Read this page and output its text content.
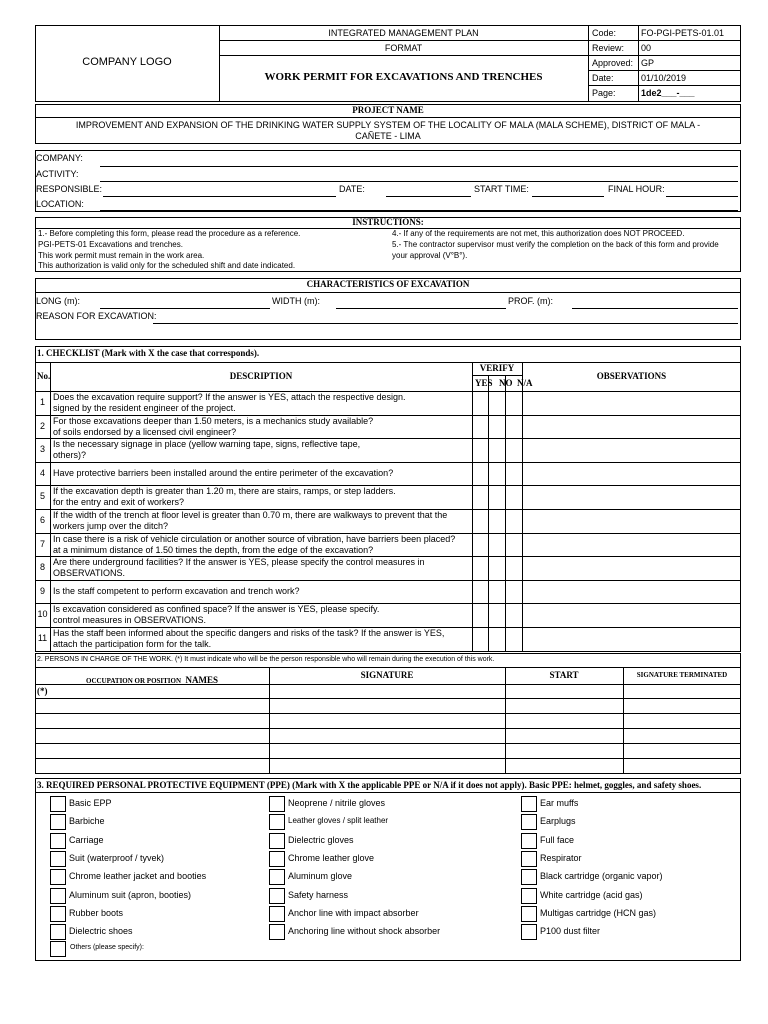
COMPANY LOGO
INTEGRATED MANAGEMENT PLAN
FORMAT
WORK PERMIT FOR EXCAVATIONS AND TRENCHES
Code:	FO-PGI-PETS-01.01
Review: 00
Approved: GP
Date:	01/10/2019
Page:	1de2___-___
PROJECT NAME
IMPROVEMENT AND EXPANSION OF THE DRINKING WATER SUPPLY SYSTEM OF THE LOCALITY OF MALA (MALA SCHEME), DISTRICT OF MALA -
CAÑETE - LIMA
COMPANY:
ACTIVITY:
RESPONSIBLE:	DATE:	START TIME:	FINAL HOUR:
LOCATION:
INSTRUCTIONS:
1.- Before completing this form, please read the procedure as a reference.
PGI-PETS-01 Excavations and trenches.
This work permit must remain in the work area.
This authorization is valid only for the scheduled shift and date indicated.
4.- If any of the requirements are not met, this authorization does NOT PROCEED.
5.- The contractor supervisor must verify the completion on the back of this form and provide
your approval (V°B°).
CHARACTERISTICS OF EXCAVATION
LONG (m):	WIDTH (m):	PROF. (m):
REASON FOR EXCAVATION:
1. CHECKLIST (Mark with X the case that corresponds).
No.	DESCRIPTION
VERIFY
YES NO N/A
OBSERVATIONS
1 Does the excavation require support? If the answer is YES, attach the respective design.
signed by the resident engineer of the project.
2 For those excavations deeper than 1.50 meters, is a mechanics study available?
of soils endorsed by a licensed civil engineer?
3 Is the necessary signage in place (yellow warning tape, signs, reflective tape,
others)?
4 Have protective barriers been installed around the entire perimeter of the excavation?
5 If the excavation depth is greater than 1.20 m, there are stairs, ramps, or step ladders.
for the entry and exit of workers?
6 If the width of the trench at floor level is greater than 0.70 m, there are walkways to prevent that the
workers jump over the ditch?
7 In case there is a risk of vehicle circulation or another source of vibration, have barriers been placed?
at a minimum distance of 1.50 times the depth, from the edge of the excavation?
8 Are there underground facilities? If the answer is YES, please specify the control measures in
OBSERVATIONS.
9 Is the staff competent to perform excavation and trench work?
10 Is excavation considered as confined space? If the answer is YES, please specify.
control measures in OBSERVATIONS.
11 Has the staff been informed about the specific dangers and risks of the task? If the answer is YES,
attach the participation form for the talk.
2. PERSONS IN CHARGE OF THE WORK. (*) It must indicate who will be the person responsible who will remain during the execution of this work.
OCCUPATION OR POSITION NAMES	SIGNATURE	START	SIGNATURE TERMINATED
(*)
3. REQUIRED PERSONAL PROTECTIVE EQUIPMENT (PPE) (Mark with X the applicable PPE or N/A if it does not apply). Basic PPE: helmet, goggles, and safety shoes.
Basic EPP
Barbiche
Carriage
Suit (waterproof / tyvek)
Chrome leather jacket and booties
Aluminum suit (apron, booties)
Rubber boots
Dielectric shoes
Neoprene / nitrile gloves
Leather gloves / split leather
Dielectric gloves
Chrome leather glove
Aluminum glove
Safety harness
Anchor line with impact absorber
Anchoring line without shock absorber
Ear muffs
Earplugs
Full face
Respirator
Black cartridge (organic vapor)
White cartridge (acid gas)
Multigas cartridge (HCN gas)
P100 dust filter
Others (please specify):
